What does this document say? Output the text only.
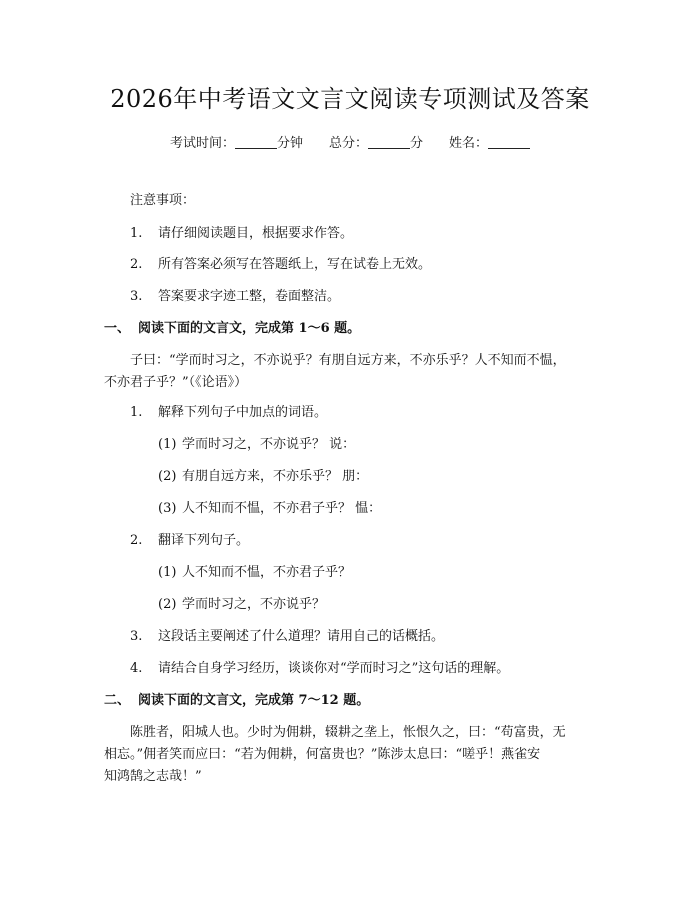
2026年中考语文文言文阅读专项测试及答案
考试时间：	分钟 总分：	分 姓名：
注意事项：
1. 请仔细阅读题目，根据要求作答。
2. 所有答案必须写在答题纸上，写在试卷上无效。
3. 答案要求字迹工整，卷面整洁。
一、 阅读下面的文言文，完成第 1～6 题。
子曰：“学而时习之，不亦说乎？有朋自远方来，不亦乐乎？人不知而不愠，
不亦君子乎？”（《论语》）
1. 解释下列句子中加点的词语。
(1) 学而时习之，不亦说乎？ 说：
(2) 有朋自远方来，不亦乐乎？ 朋：
(3) 人不知而不愠，不亦君子乎？ 愠：
2. 翻译下列句子。
(1) 人不知而不愠，不亦君子乎？
(2) 学而时习之，不亦说乎？
3. 这段话主要阐述了什么道理？请用自己的话概括。
4. 请结合自身学习经历，谈谈你对“学而时习之”这句话的理解。
二、 阅读下面的文言文，完成第 7～12 题。
陈胜者，阳城人也。少时为佣耕，辍耕之垄上，怅恨久之，曰：“苟富贵，无
相忘。”佣者笑而应曰：“若为佣耕，何富贵也？”陈涉太息曰：“嗟乎！燕雀安
知鸿鹄之志哉！”
